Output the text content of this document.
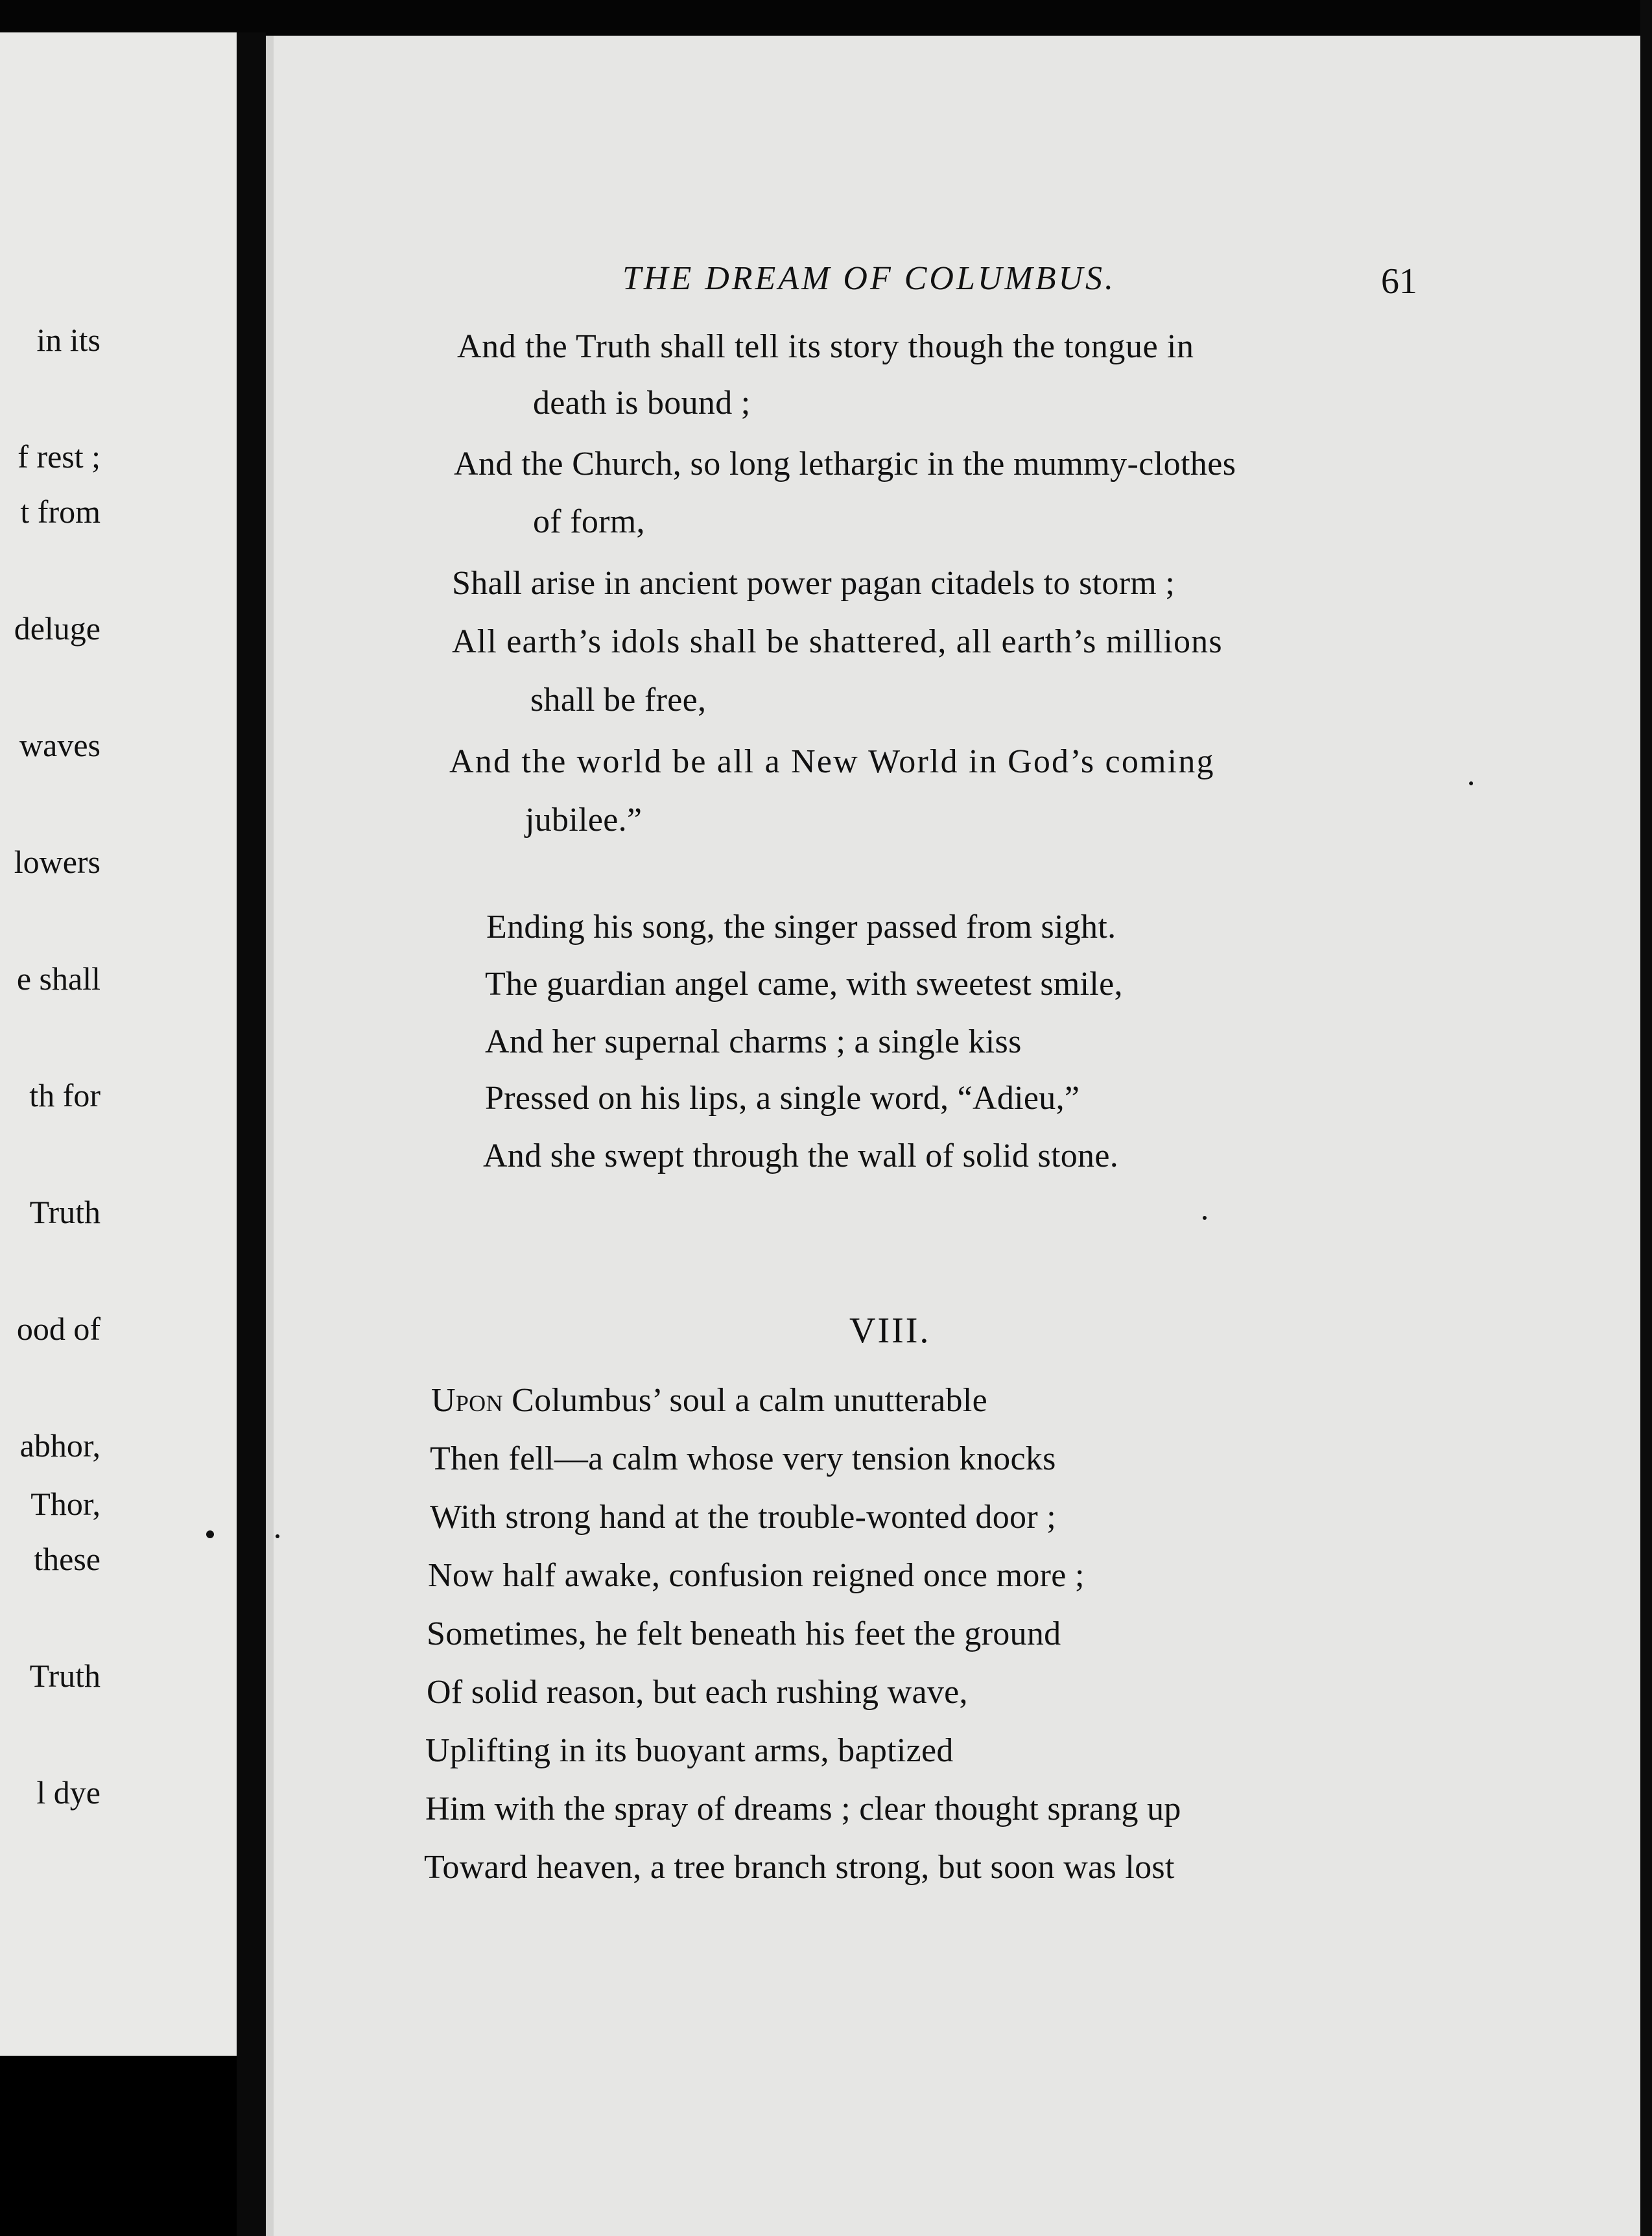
in its
f rest ;
t from
deluge
waves
lowers
e shall
th for
Truth
ood of
abhor,
Thor,
these
Truth
l dye
THE DREAM OF COLUMBUS.	61
And the Truth shall tell its story though the tongue in
death is bound ;
And the Church, so long lethargic in the mummy-clothes
of form,
Shall arise in ancient power pagan citadels to storm ;
All earth’s idols shall be shattered, all earth’s millions
shall be free,
And the world be all a New World in God’s coming
jubilee.”
Ending his song, the singer passed from sight.
The guardian angel came, with sweetest smile,
And her supernal charms ; a single kiss
Pressed on his lips, a single word, “Adieu,”
And she swept through the wall of solid stone.
VIII.
Upon Columbus’ soul a calm unutterable
Then fell—a calm whose very tension knocks
With strong hand at the trouble-wonted door ;
Now half awake, confusion reigned once more ;
Sometimes, he felt beneath his feet the ground
Of solid reason, but each rushing wave,
Uplifting in its buoyant arms, baptized
Him with the spray of dreams ; clear thought sprang up
Toward heaven, a tree branch strong, but soon was lost
